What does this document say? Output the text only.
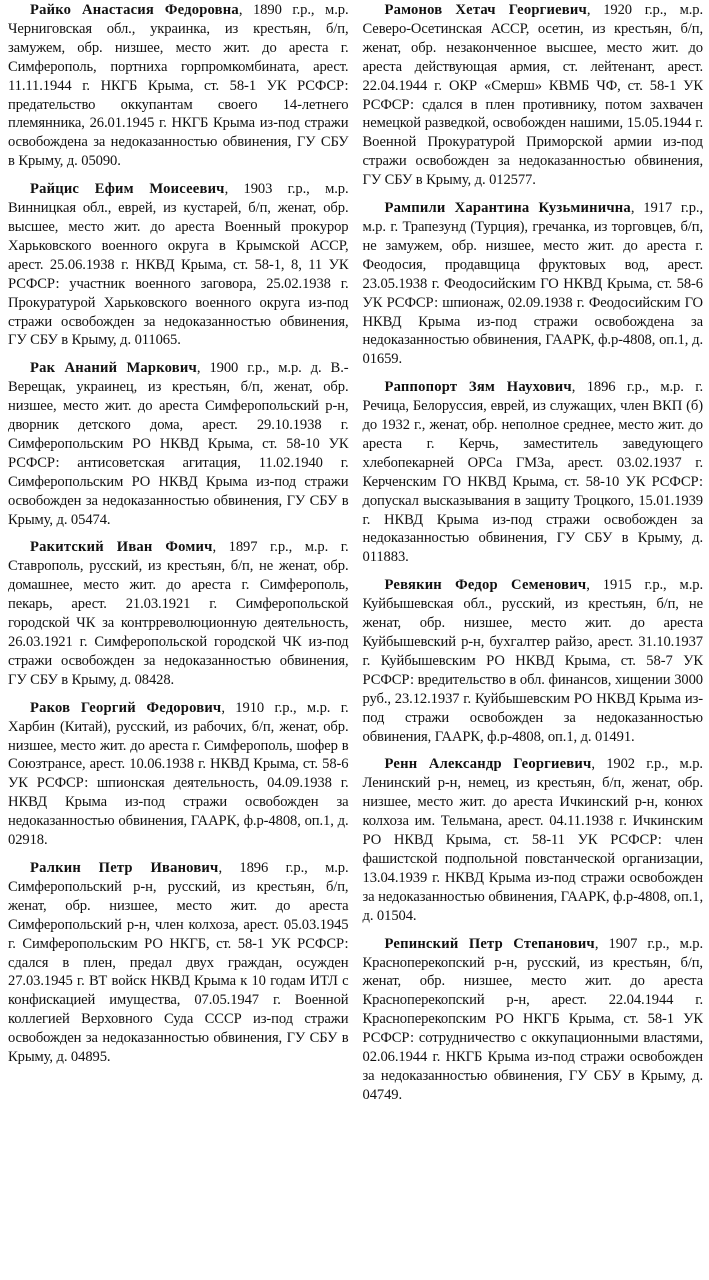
Райко Анастасия Федоровна, 1890 г.р., м.р. Черниговская обл., украинка, из крестьян, б/п, замужем, обр. низшее, место жит. до ареста г. Симферополь, портниха горпромкомбината, арест. 11.11.1944 г. НКГБ Крыма, ст. 58-1 УК РСФСР: предательство оккупантам своего 14-летнего племянника, 26.01.1945 г. НКГБ Крыма из-под стражи освобождена за недоказанностью обвинения, ГУ СБУ в Крыму, д. 05090.

Райцис Ефим Моисеевич, 1903 г.р., м.р. Винницкая обл., еврей, из кустарей, б/п, женат, обр. высшее, место жит. до ареста Военный прокурор Харьковского военного округа в Крымской АССР, арест. 25.06.1938 г. НКВД Крыма, ст. 58-1, 8, 11 УК РСФСР: участник военного заговора, 25.02.1938 г. Прокуратурой Харьковского военного округа из-под стражи освобожден за недоказанностью обвинения, ГУ СБУ в Крыму, д. 011065.

Рак Ананий Маркович, 1900 г.р., м.р. д. В.-Верещак, украинец, из крестьян, б/п, женат, обр. низшее, место жит. до ареста Симферопольский р-н, дворник детского дома, арест. 29.10.1938 г. Симферопольским РО НКВД Крыма, ст. 58-10 УК РСФСР: антисоветская агитация, 11.02.1940 г. Симферопольским РО НКВД Крыма из-под стражи освобожден за недоказанностью обвинения, ГУ СБУ в Крыму, д. 05474.

Ракитский Иван Фомич, 1897 г.р., м.р. г. Ставрополь, русский, из крестьян, б/п, не женат, обр. домашнее, место жит. до ареста г. Симферополь, пекарь, арест. 21.03.1921 г. Симферопольской городской ЧК за контрреволюционную деятельность, 26.03.1921 г. Симферопольской городской ЧК из-под стражи освобожден за недоказанностью обвинения, ГУ СБУ в Крыму, д. 08428.

Раков Георгий Федорович, 1910 г.р., м.р. г. Харбин (Китай), русский, из рабочих, б/п, женат, обр. низшее, место жит. до ареста г. Симферополь, шофер в Союзтрансе, арест. 10.06.1938 г. НКВД Крыма, ст. 58-6 УК РСФСР: шпионская деятельность, 04.09.1938 г. НКВД Крыма из-под стражи освобожден за недоказанностью обвинения, ГААРК, ф.р-4808, оп.1, д. 02918.

Ралкин Петр Иванович, 1896 г.р., м.р. Симферопольский р-н, русский, из крестьян, б/п, женат, обр. низшее, место жит. до ареста Симферопольский р-н, член колхоза, арест. 05.03.1945 г. Симферопольским РО НКГБ, ст. 58-1 УК РСФСР: сдался в плен, предал двух граждан, осужден 27.03.1945 г. ВТ войск НКВД Крыма к 10 годам ИТЛ с конфискацией имущества, 07.05.1947 г. Военной коллегией Верховного Суда СССР из-под стражи освобожден за недоказанностью обвинения, ГУ СБУ в Крыму, д. 04895.

Рамонов Хетач Георгиевич, 1920 г.р., м.р. Северо-Осетинская АССР, осетин, из крестьян, б/п, женат, обр. незаконченное высшее, место жит. до ареста действующая армия, ст. лейтенант, арест. 22.04.1944 г. ОКР «Смерш» КВМБ ЧФ, ст. 58-1 УК РСФСР: сдался в плен противнику, потом захвачен немецкой разведкой, освобожден нашими, 15.05.1944 г. Военной Прокуратурой Приморской армии из-под стражи освобожден за недоказанностью обвинения, ГУ СБУ в Крыму, д. 012577.

Рампили Харантина Кузьминична, 1917 г.р., м.р. г. Трапезунд (Турция), гречанка, из торговцев, б/п, не замужем, обр. низшее, место жит. до ареста г. Феодосия, продавщица фруктовых вод, арест. 23.05.1938 г. Феодосийским ГО НКВД Крыма, ст. 58-6 УК РСФСР: шпионаж, 02.09.1938 г. Феодосийским ГО НКВД Крыма из-под стражи освобождена за недоказанностью обвинения, ГААРК, ф.р-4808, оп.1, д. 01659.

Раппопорт Зям Наухович, 1896 г.р., м.р. г. Речица, Белоруссия, еврей, из служащих, член ВКП (б) до 1932 г., женат, обр. неполное среднее, место жит. до ареста г. Керчь, заместитель заведующего хлебопекарней ОРСа ГМЗа, арест. 03.02.1937 г. Керченским ГО НКВД Крыма, ст. 58-10 УК РСФСР: допускал высказывания в защиту Троцкого, 15.01.1939 г. НКВД Крыма из-под стражи освобожден за недоказанностью обвинения, ГУ СБУ в Крыму, д. 011883.

Ревякин Федор Семенович, 1915 г.р., м.р. Куйбышевская обл., русский, из крестьян, б/п, не женат, обр. низшее, место жит. до ареста Куйбышевский р-н, бухгалтер райзо, арест. 31.10.1937 г. Куйбышевским РО НКВД Крыма, ст. 58-7 УК РСФСР: вредительство в обл. финансов, хищении 3000 руб., 23.12.1937 г. Куйбышевским РО НКВД Крыма из-под стражи освобожден за недоказанностью обвинения, ГААРК, ф.р-4808, оп.1, д. 01491.

Ренн Александр Георгиевич, 1902 г.р., м.р. Ленинский р-н, немец, из крестьян, б/п, женат, обр. низшее, место жит. до ареста Ичкинский р-н, конюх колхоза им. Тельмана, арест. 04.11.1938 г. Ичкинским РО НКВД Крыма, ст. 58-11 УК РСФСР: член фашистской подпольной повстанческой организации, 13.04.1939 г. НКВД Крыма из-под стражи освобожден за недоказанностью обвинения, ГААРК, ф.р-4808, оп.1, д. 01504.

Репинский Петр Степанович, 1907 г.р., м.р. Красноперекопский р-н, русский, из крестьян, б/п, женат, обр. низшее, место жит. до ареста Красноперекопский р-н, арест. 22.04.1944 г. Красноперекопским РО НКГБ Крыма, ст. 58-1 УК РСФСР: сотрудничество с оккупационными властями, 02.06.1944 г. НКГБ Крыма из-под стражи освобожден за недоказанностью обвинения, ГУ СБУ в Крыму, д. 04749.
